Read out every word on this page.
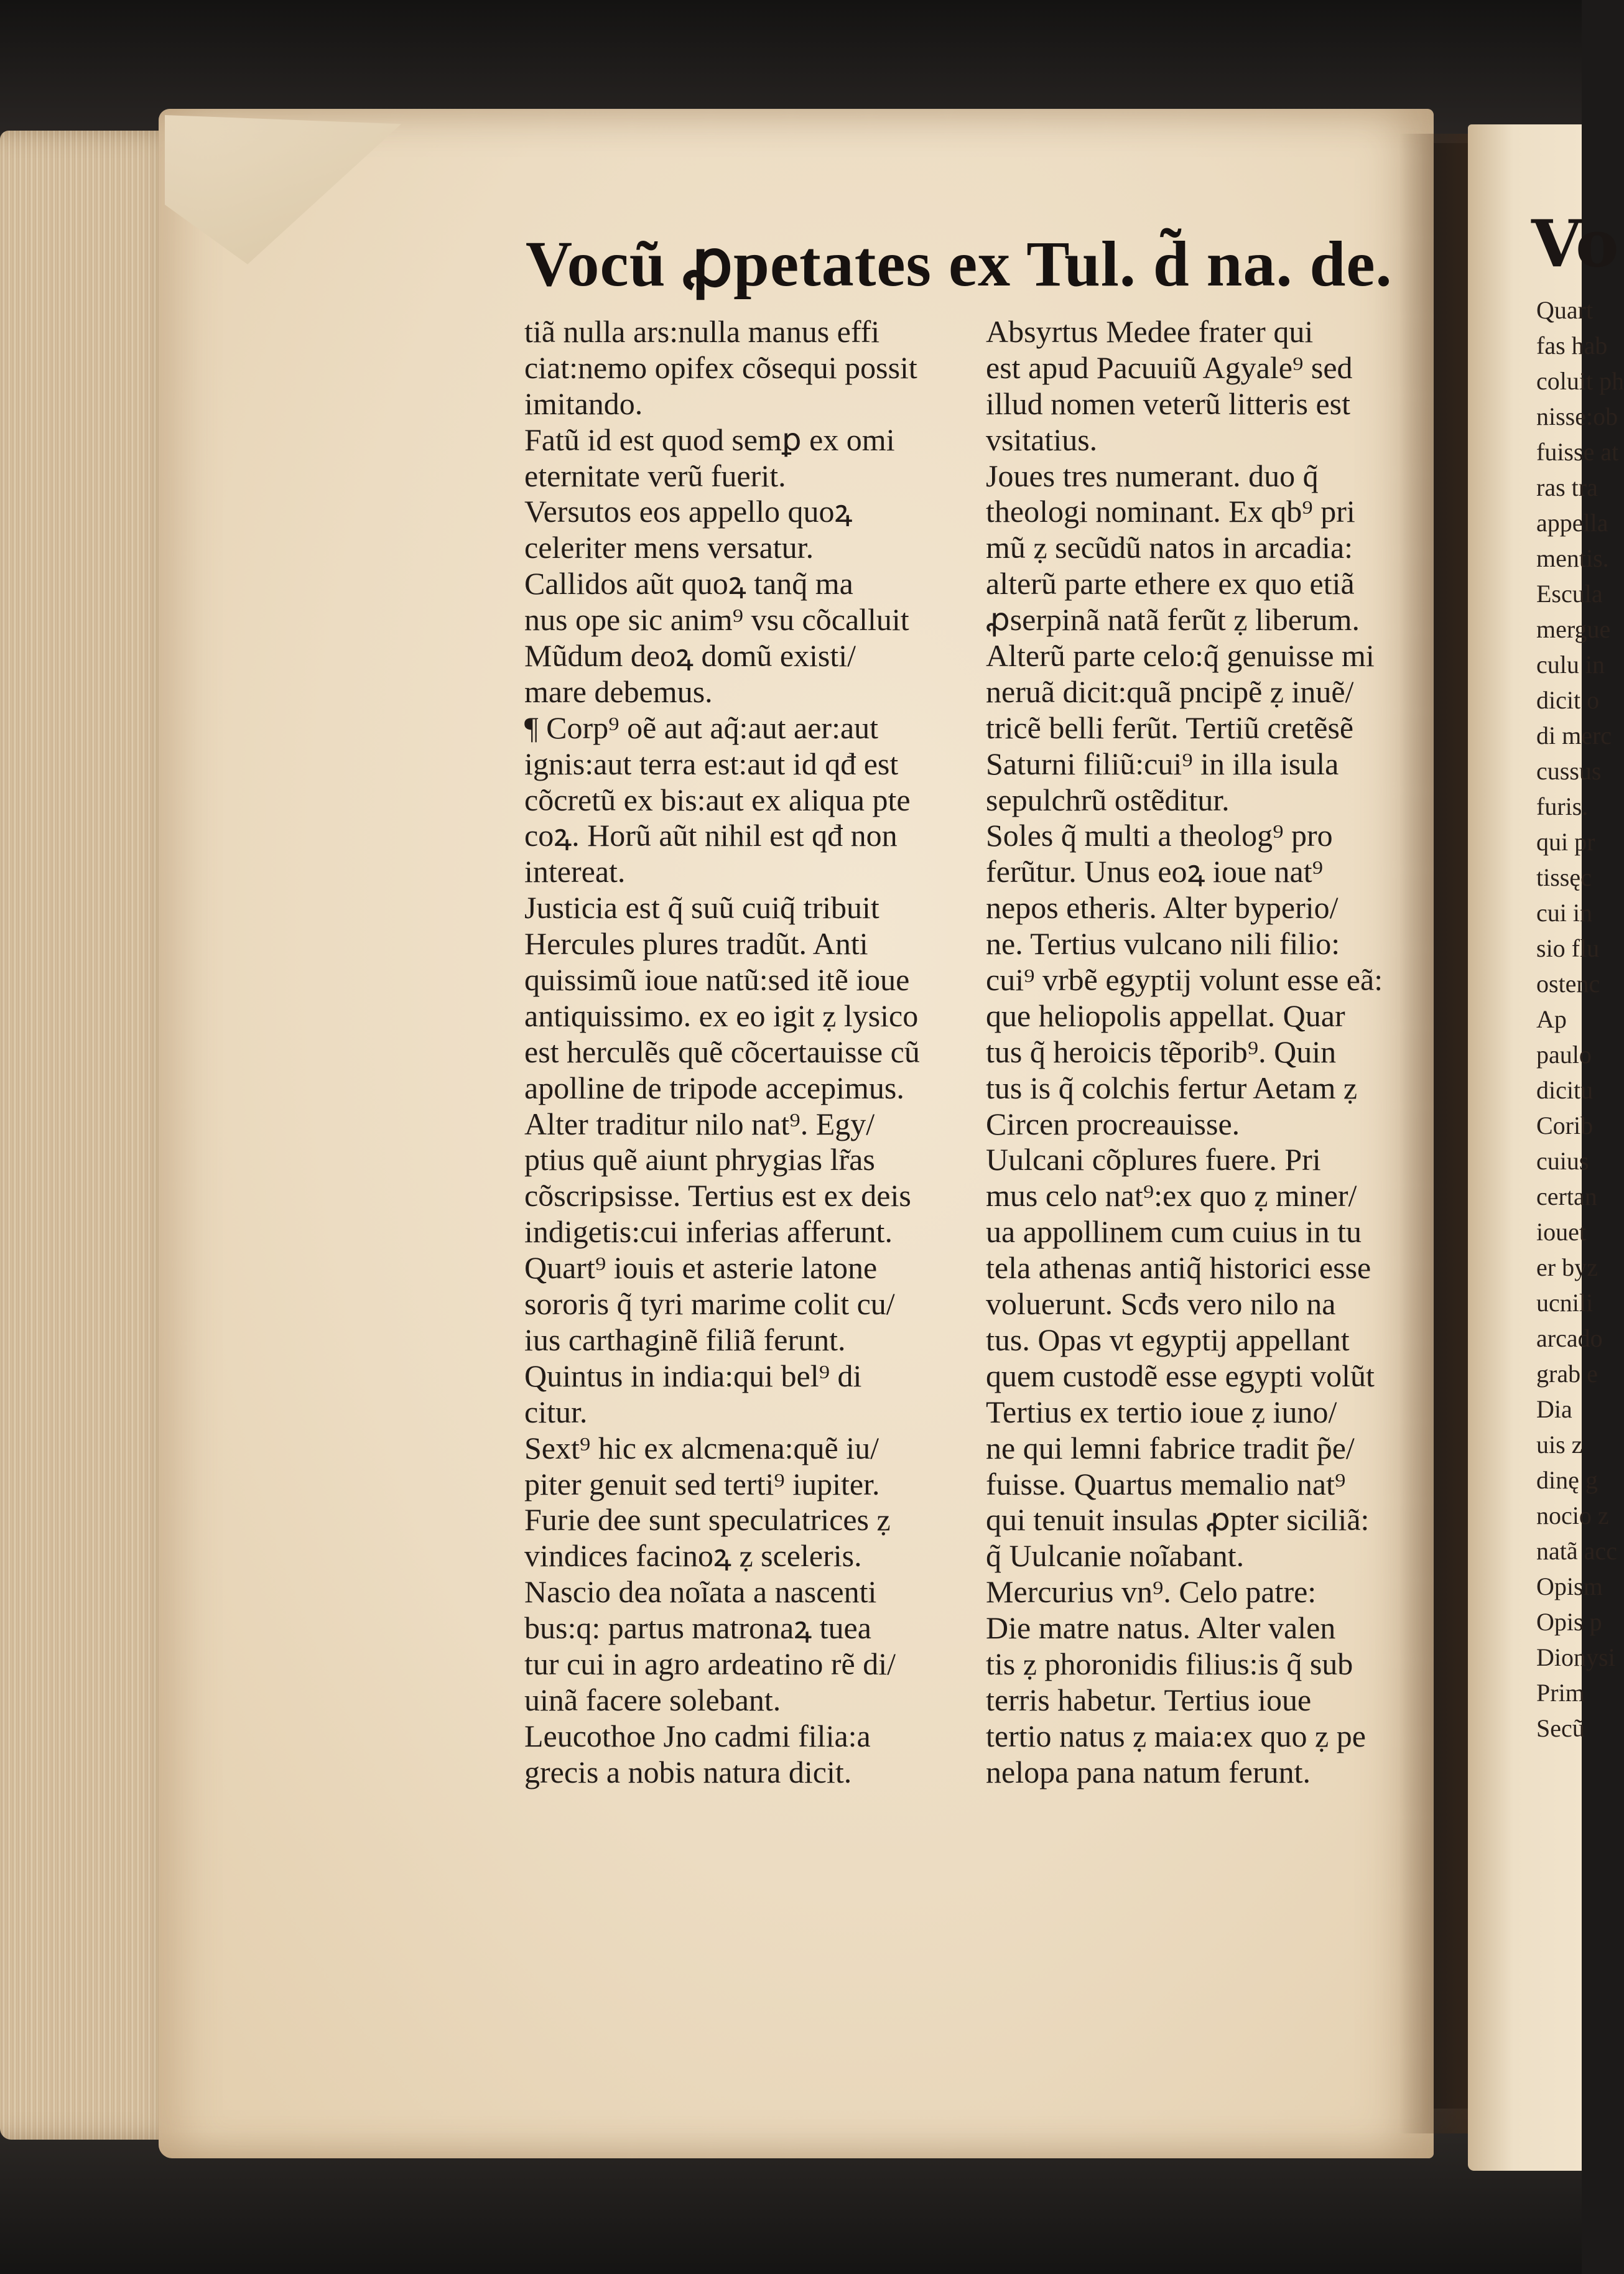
Vo
Quart
fas hab
coluit ph
nisse:ob
fuisse at
ras tra
appella
mentis.
Escula
mergue
culu in
dicit o
di merc
cussus
furis.
qui pr
tissęc
cui in
sio flu
ostenc
Ap
paulo
dicitu
Corib
cuius
certan
iouet
er byz
ucnili
arcado
grab e
Dia
uis z
dinę g
nocio z
natã acc
Opism
Opis p
Dionysi
Prim
Secũ
Vocũ ꝓpetates ex Tul. d̃ na. de.
tiã nulla ars:nulla manus effi
ciat:nemo opifex cõsequi possit
imitando.
Fatũ id est quod semꝑ ex omi
eternitate verũ fuerit.
Versutos eos appello quoꝝ
celeriter mens versatur.
Callidos aũt quoꝝ tanq̃ ma
nus ope sic anim⁹ vsu cõcalluit
Mũdum deoꝝ domũ existi/
mare debemus.
¶ Corp⁹ oẽ aut aq̃:aut aer:aut
ignis:aut terra est:aut id qđ est
cõcretũ ex bis:aut ex aliqua pte
coꝝ. Horũ aũt nihil est qđ non
intereat.
Justicia est q̃ suũ cuiq̃ tribuit
Hercules plures tradũt. Anti
quissimũ ioue natũ:sed itẽ ioue
antiquissimo. ex eo igit ẓ lysico
est herculẽs quẽ cõcertauisse cũ
apolline de tripode accepimus.
Alter traditur nilo nat⁹. Egy/
ptius quẽ aiunt phrygias lr̃as
cõscripsisse. Tertius est ex deis
indigetis:cui inferias afferunt.
Quart⁹ iouis et asterie latone
sororis q̃ tyri marime colit cu/
ius carthaginẽ filiã ferunt.
Quintus in india:qui bel⁹ di
citur.
Sext⁹ hic ex alcmena:quẽ iu/
piter genuit sed terti⁹ iupiter.
Furie dee sunt speculatrices ẓ
vindices facinoꝝ ẓ sceleris.
Nascio dea noĩata a nascenti
bus:q: partus matronaꝝ tuea
tur cui in agro ardeatino rẽ di/
uinã facere solebant.
Leucothoe Jno cadmi filia:a
grecis a nobis natura dicit.
Absyrtus Medee frater qui
est apud Pacuuiũ Agyale⁹ sed
illud nomen veterũ litteris est
vsitatius.
Joues tres numerant. duo q̃
theologi nominant. Ex qb⁹ pri
mũ ẓ secũdũ natos in arcadia:
alterũ parte ethere ex quo etiã
ꝓserpinã natã ferũt ẓ liberum.
Alterũ parte celo:q̃ genuisse mi
neruã dicit:quã pncipẽ ẓ inuẽ/
tricẽ belli ferũt. Tertiũ cretẽsẽ
Saturni filiũ:cui⁹ in illa isula
sepulchrũ ostẽditur.
Soles q̃ multi a theolog⁹ pro
ferũtur. Unus eoꝝ ioue nat⁹
nepos etheris. Alter byperio/
ne. Tertius vulcano nili filio:
cui⁹ vrbẽ egyptij volunt esse eã:
que heliopolis appellat. Quar
tus q̃ heroicis tẽporib⁹. Quin
tus is q̃ colchis fertur Aetam ẓ
Circen procreauisse.
Uulcani cõplures fuere. Pri
mus celo nat⁹:ex quo ẓ miner/
ua appollinem cum cuius in tu
tela athenas antiq̃ historici esse
voluerunt. Scđs vero nilo na
tus. Opas vt egyptij appellant
quem custodẽ esse egypti volũt
Tertius ex tertio ioue ẓ iuno/
ne qui lemni fabrice tradit p̃e/
fuisse. Quartus memalio nat⁹
qui tenuit insulas ꝓpter siciliã:
q̃ Uulcanie noĩabant.
Mercurius vn⁹. Celo patre:
Die matre natus. Alter valen
tis ẓ phoronidis filius:is q̃ sub
terris habetur. Tertius ioue
tertio natus ẓ maia:ex quo ẓ pe
nelopa pana natum ferunt.
